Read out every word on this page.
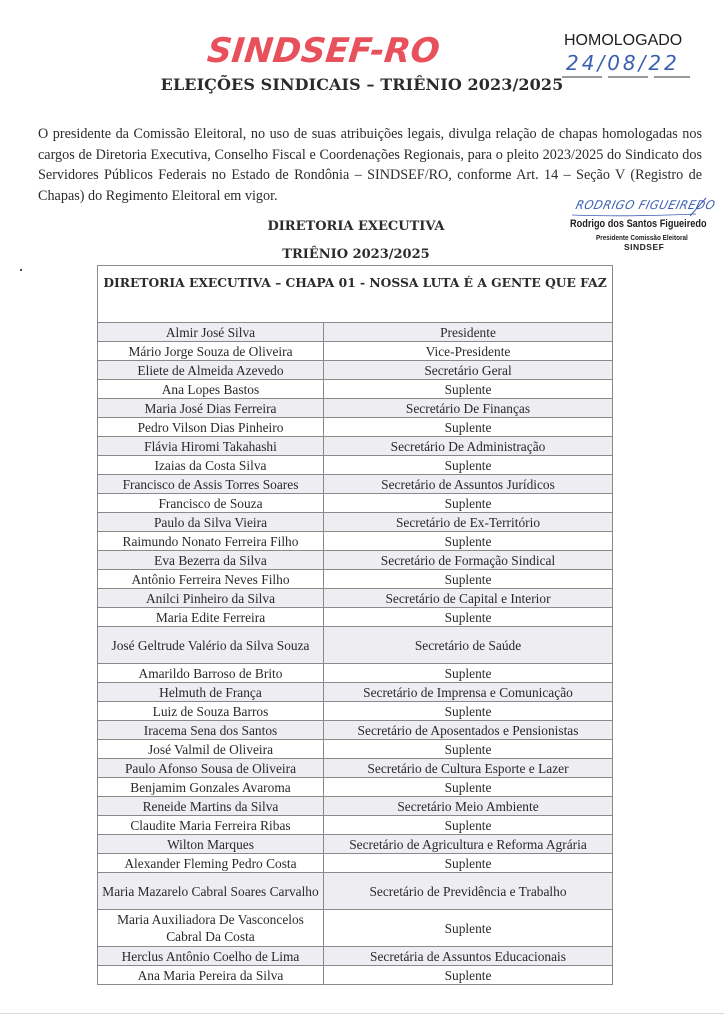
SINDSEF-RO	HOMOLOGADO
24/08/22
ELEIÇÕES SINDICAIS – TRIÊNIO 2023/2025

O presidente da Comissão Eleitoral, no uso de suas atribuições legais, divulga relação de chapas homologadas nos cargos de Diretoria Executiva, Conselho Fiscal e Coordenações Regionais, para o pleito 2023/2025 do Sindicato dos Servidores Públicos Federais no Estado de Rondônia – SINDSEF/RO, conforme Art. 14 – Seção V (Registro de Chapas) do Regimento Eleitoral em vigor.

DIRETORIA EXECUTIVA
TRIÊNIO 2023/2025
RODRIGO FIGUEIREDO
Rodrigo dos Santos Figueiredo
Presidente Comissão Eleitoral
SINDSEF
DIRETORIA EXECUTIVA – CHAPA 01 - NOSSA LUTA É A GENTE QUE FAZ	
Almir José Silva	Presidente
Mário Jorge Souza de Oliveira	Vice-Presidente
Eliete de Almeida Azevedo	Secretário Geral
Ana Lopes Bastos	Suplente
Maria José Dias Ferreira	Secretário De Finanças
Pedro Vilson Dias Pinheiro	Suplente
Flávia Hiromi Takahashi	Secretário De Administração
Izaias da Costa Silva	Suplente
Francisco de Assis Torres Soares	Secretário de Assuntos Jurídicos
Francisco de Souza	Suplente
Paulo da Silva Vieira	Secretário de Ex-Território
Raimundo Nonato Ferreira Filho	Suplente
Eva Bezerra da Silva	Secretário de Formação Sindical
Antônio Ferreira Neves Filho	Suplente
Anilci Pinheiro da Silva	Secretário de Capital e Interior
Maria Edite Ferreira	Suplente
José Geltrude Valério da Silva Souza	Secretário de Saúde
Amarildo Barroso de Brito	Suplente
Helmuth de França	Secretário de Imprensa e Comunicação
Luiz de Souza Barros	Suplente
Iracema Sena dos Santos	Secretário de Aposentados e Pensionistas
José Valmil de Oliveira	Suplente
Paulo Afonso Sousa de Oliveira	Secretário de Cultura Esporte e Lazer
Benjamim Gonzales Avaroma	Suplente
Reneide Martins da Silva	Secretário Meio Ambiente
Claudite Maria Ferreira Ribas	Suplente
Wilton Marques	Secretário de Agricultura e Reforma Agrária
Alexander Fleming Pedro Costa	Suplente
Maria Mazarelo Cabral Soares Carvalho	Secretário de Previdência e Trabalho
Maria Auxiliadora De Vasconcelos Cabral Da Costa	Suplente
Herclus Antônio Coelho de Lima	Secretária de Assuntos Educacionais
Ana Maria Pereira da Silva	Suplente
